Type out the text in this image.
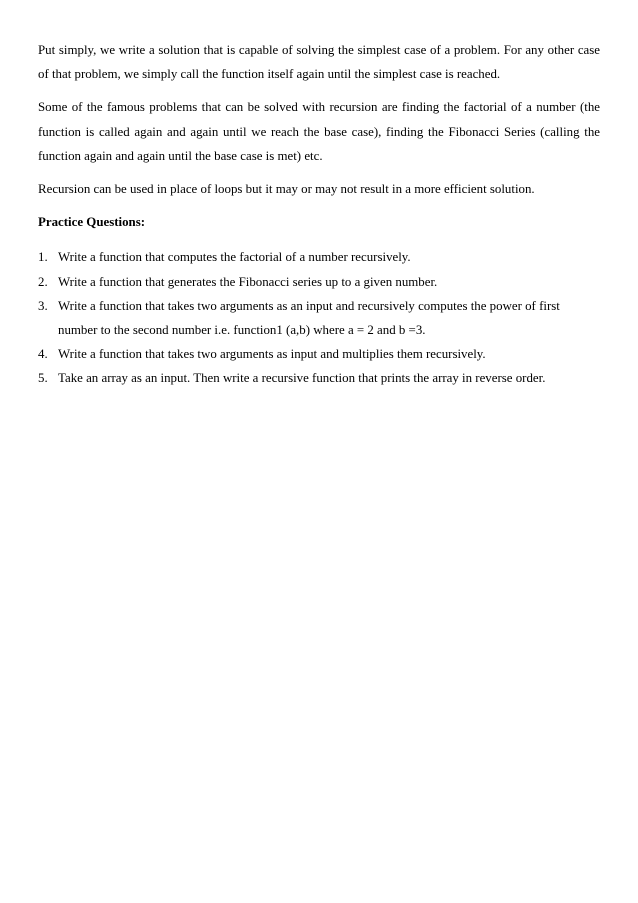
Put simply, we write a solution that is capable of solving the simplest case of a problem. For any other case of that problem, we simply call the function itself again until the simplest case is reached.

Some of the famous problems that can be solved with recursion are finding the factorial of a number (the function is called again and again until we reach the base case), finding the Fibonacci Series (calling the function again and again until the base case is met) etc.

Recursion can be used in place of loops but it may or may not result in a more efficient solution.

Practice Questions:

1. Write a function that computes the factorial of a number recursively.
2. Write a function that generates the Fibonacci series up to a given number.
3. Write a function that takes two arguments as an input and recursively computes the power of first number to the second number i.e. function1 (a,b) where a = 2 and b =3.
4. Write a function that takes two arguments as input and multiplies them recursively.
5. Take an array as an input. Then write a recursive function that prints the array in reverse order.
